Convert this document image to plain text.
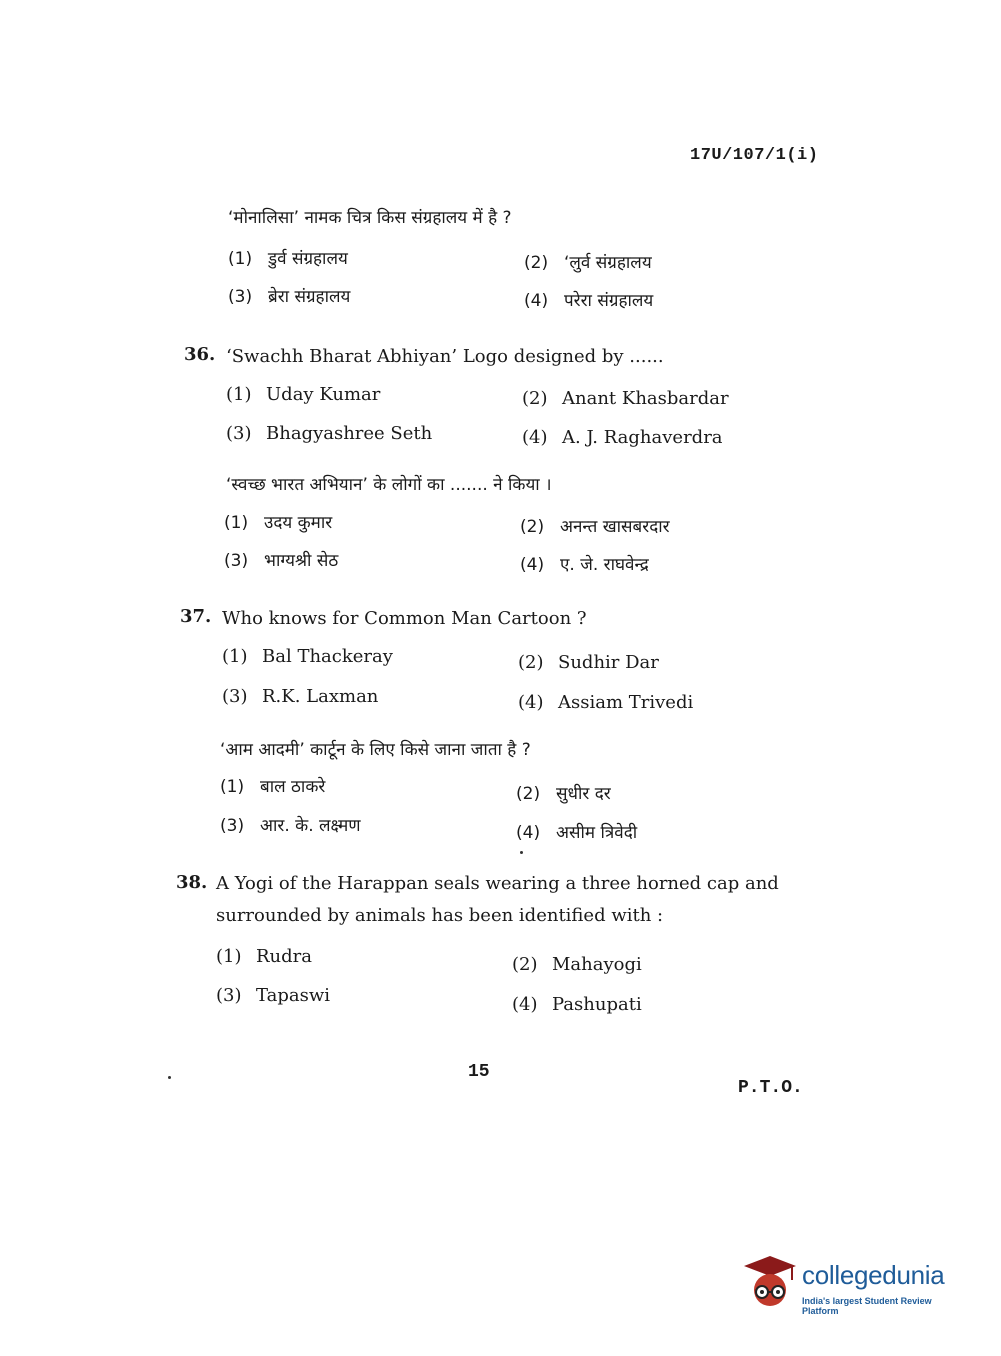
17U/107/1(i)
‘मोनालिसा’ नामक चित्र किस संग्रहालय में है ?
(1) डुर्व संग्रहालय	(2) ‘लुर्व संग्रहालय
(3) ब्रेरा संग्रहालय	(4) परेरा संग्रहालय
36. ‘Swachh Bharat Abhiyan’ Logo designed by ......
(1) Uday Kumar	(2) Anant Khasbardar
(3) Bhagyashree Seth	(4) A. J. Raghaverdra
‘स्वच्छ भारत अभियान’ के लोगों का ....... ने किया ।
(1) उदय कुमार	(2) अनन्त खासबरदार
(3) भाग्यश्री सेठ	(4) ए. जे. राघवेन्द्र
37. Who knows for Common Man Cartoon ?
(1) Bal Thackeray	(2) Sudhir Dar
(3) R.K. Laxman	(4) Assiam Trivedi
‘आम आदमी’ कार्टून के लिए किसे जाना जाता है ?
(1) बाल ठाकरे	(2) सुधीर दर
(3) आर. के. लक्ष्मण	(4) असीम त्रिवेदी
38. A Yogi of the Harappan seals wearing a three horned cap and surrounded by animals has been identified with :
(1) Rudra	(2) Mahayogi
(3) Tapaswi	(4) Pashupati
15
P.T.O.
collegedunia
India's largest Student Review Platform
